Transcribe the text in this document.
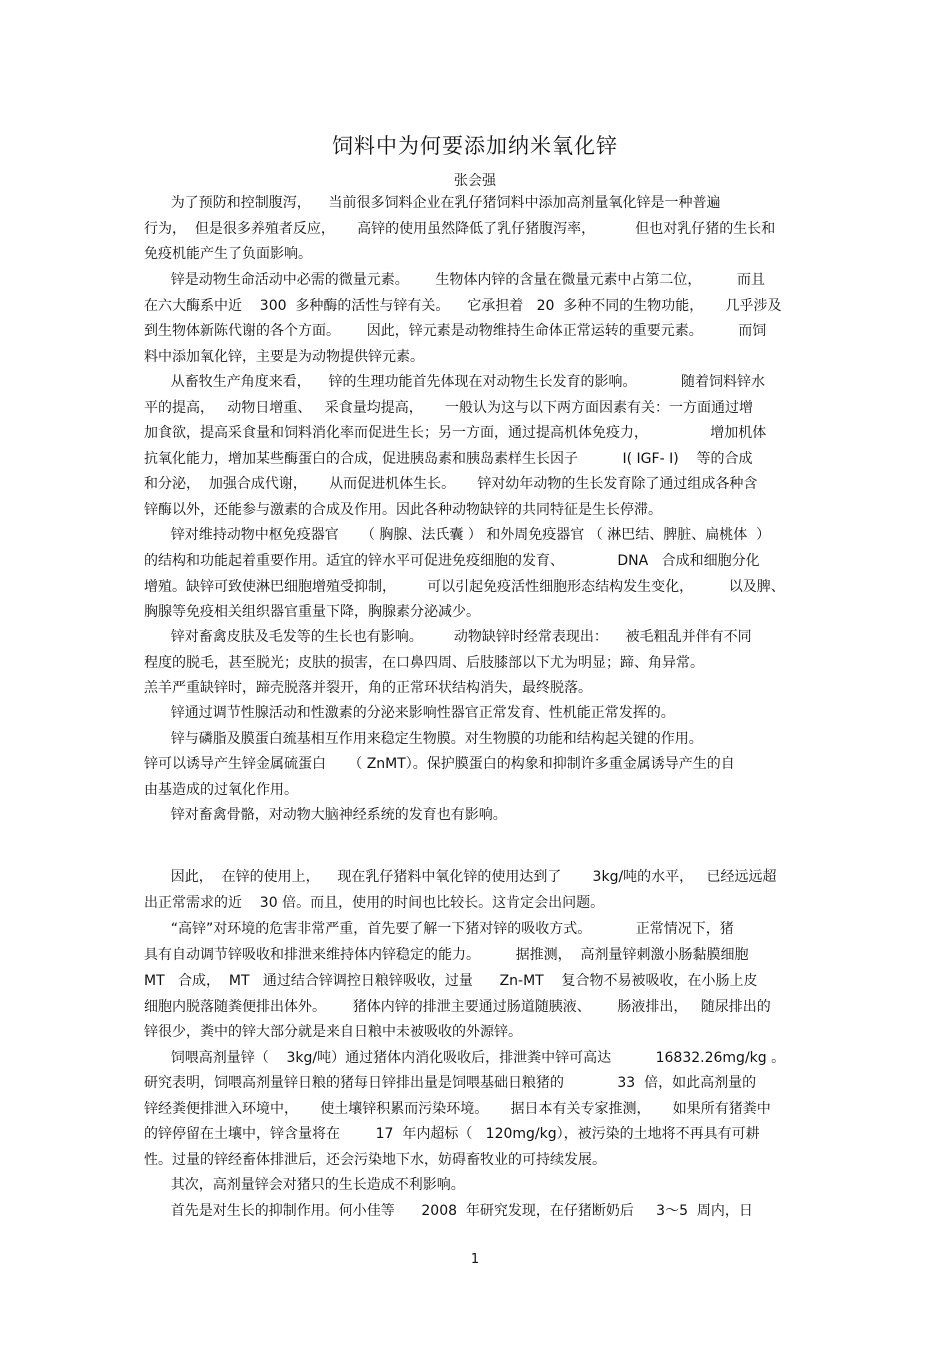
饲料中为何要添加纳米氧化锌
张会强
为了预防和控制腹泻，    当前很多饲料企业在乳仔猪饲料中添加高剂量氧化锌是一种普遍
行为，  但是很多养殖者反应，     高锌的使用虽然降低了乳仔猪腹泻率，         但也对乳仔猪的生长和
免疫机能产生了负面影响。
锌是动物生命活动中必需的微量元素。      生物体内锌的含量在微量元素中占第二位，        而且
在六大酶系中近    300  多种酶的活性与锌有关。    它承担着   20  多种不同的生物功能，     几乎涉及
到生物体新陈代谢的各个方面。      因此，锌元素是动物维持生命体正常运转的重要元素。        而饲
料中添加氧化锌，主要是为动物提供锌元素。
从畜牧生产角度来看，    锌的生理功能首先体现在对动物生长发育的影响。          随着饲料锌水
平的提高，   动物日增重、   采食量均提高，     一般认为这与以下两方面因素有关：一方面通过增
加食欲，提高采食量和饲料消化率而促进生长；另一方面，通过提高机体免疫力，              增加机体
抗氧化能力，增加某些酶蛋白的合成，促进胰岛素和胰岛素样生长因子          I( IGF- I)    等的合成
和分泌，  加强合成代谢，     从而促进机体生长。     锌对幼年动物的生长发育除了通过组成各种含
锌酶以外，还能参与激素的合成及作用。因此各种动物缺锌的共同特征是生长停滞。
锌对维持动物中枢免疫器官     （ 胸腺、法氏囊 ） 和外周免疫器官 （ 淋巴结、脾脏、扁桃体  ）
的结构和功能起着重要作用。适宜的锌水平可促进免疫细胞的发育、            DNA   合成和细胞分化
增殖。缺锌可致使淋巴细胞增殖受抑制，       可以引起免疫活性细胞形态结构发生变化，        以及脾、
胸腺等免疫相关组织器官重量下降，胸腺素分泌减少。
锌对畜禽皮肤及毛发等的生长也有影响。       动物缺锌时经常表现出：    被毛粗乱并伴有不同
程度的脱毛，甚至脱光；皮肤的损害，在口鼻四周、后肢膝部以下尤为明显；蹄、角异常。
羔羊严重缺锌时，蹄壳脱落并裂开，角的正常环状结构消失，最终脱落。
锌通过调节性腺活动和性激素的分泌来影响性器官正常发育、性机能正常发挥的。
锌与磷脂及膜蛋白巯基相互作用来稳定生物膜。对生物膜的功能和结构起关键的作用。
锌可以诱导产生锌金属硫蛋白     （ ZnMT）。保护膜蛋白的构象和抑制许多重金属诱导产生的自
由基造成的过氧化作用。
锌对畜禽骨骼，对动物大脑神经系统的发育也有影响。
因此，  在锌的使用上，    现在乳仔猪料中氧化锌的使用达到了       3kg/吨的水平，   已经远远超
出正常需求的近    30 倍。而且，使用的时间也比较长。这肯定会出问题。
“高锌”对环境的危害非常严重，首先要了解一下猪对锌的吸收方式。          正常情况下，猪
具有自动调节锌吸收和排泄来维持体内锌稳定的能力。        据推测，  高剂量锌刺激小肠黏膜细胞
MT   合成，  MT   通过结合锌调控日粮锌吸收，过量      Zn-MT    复合物不易被吸收，在小肠上皮
细胞内脱落随粪便排出体外。      猪体内锌的排泄主要通过肠道随胰液、      肠液排出，   随尿排出的
锌很少，粪中的锌大部分就是来自日粮中未被吸收的外源锌。
饲喂高剂量锌（    3kg/吨）通过猪体内消化吸收后，排泄粪中锌可高达          16832.26mg/kg 。
研究表明，饲喂高剂量锌日粮的猪每日锌排出量是饲喂基础日粮猪的            33  倍，如此高剂量的
锌经粪便排泄入环境中，     使土壤锌积累而污染环境。     据日本有关专家推测，     如果所有猪粪中
的锌停留在土壤中，锌含量将在        17  年内超标（   120mg/kg），被污染的土地将不再具有可耕
性。过量的锌经畜体排泄后，还会污染地下水，妨碍畜牧业的可持续发展。
其次，高剂量锌会对猪只的生长造成不利影响。
首先是对生长的抑制作用。何小佳等      2008  年研究发现，在仔猪断奶后     3～5  周内，日
1
